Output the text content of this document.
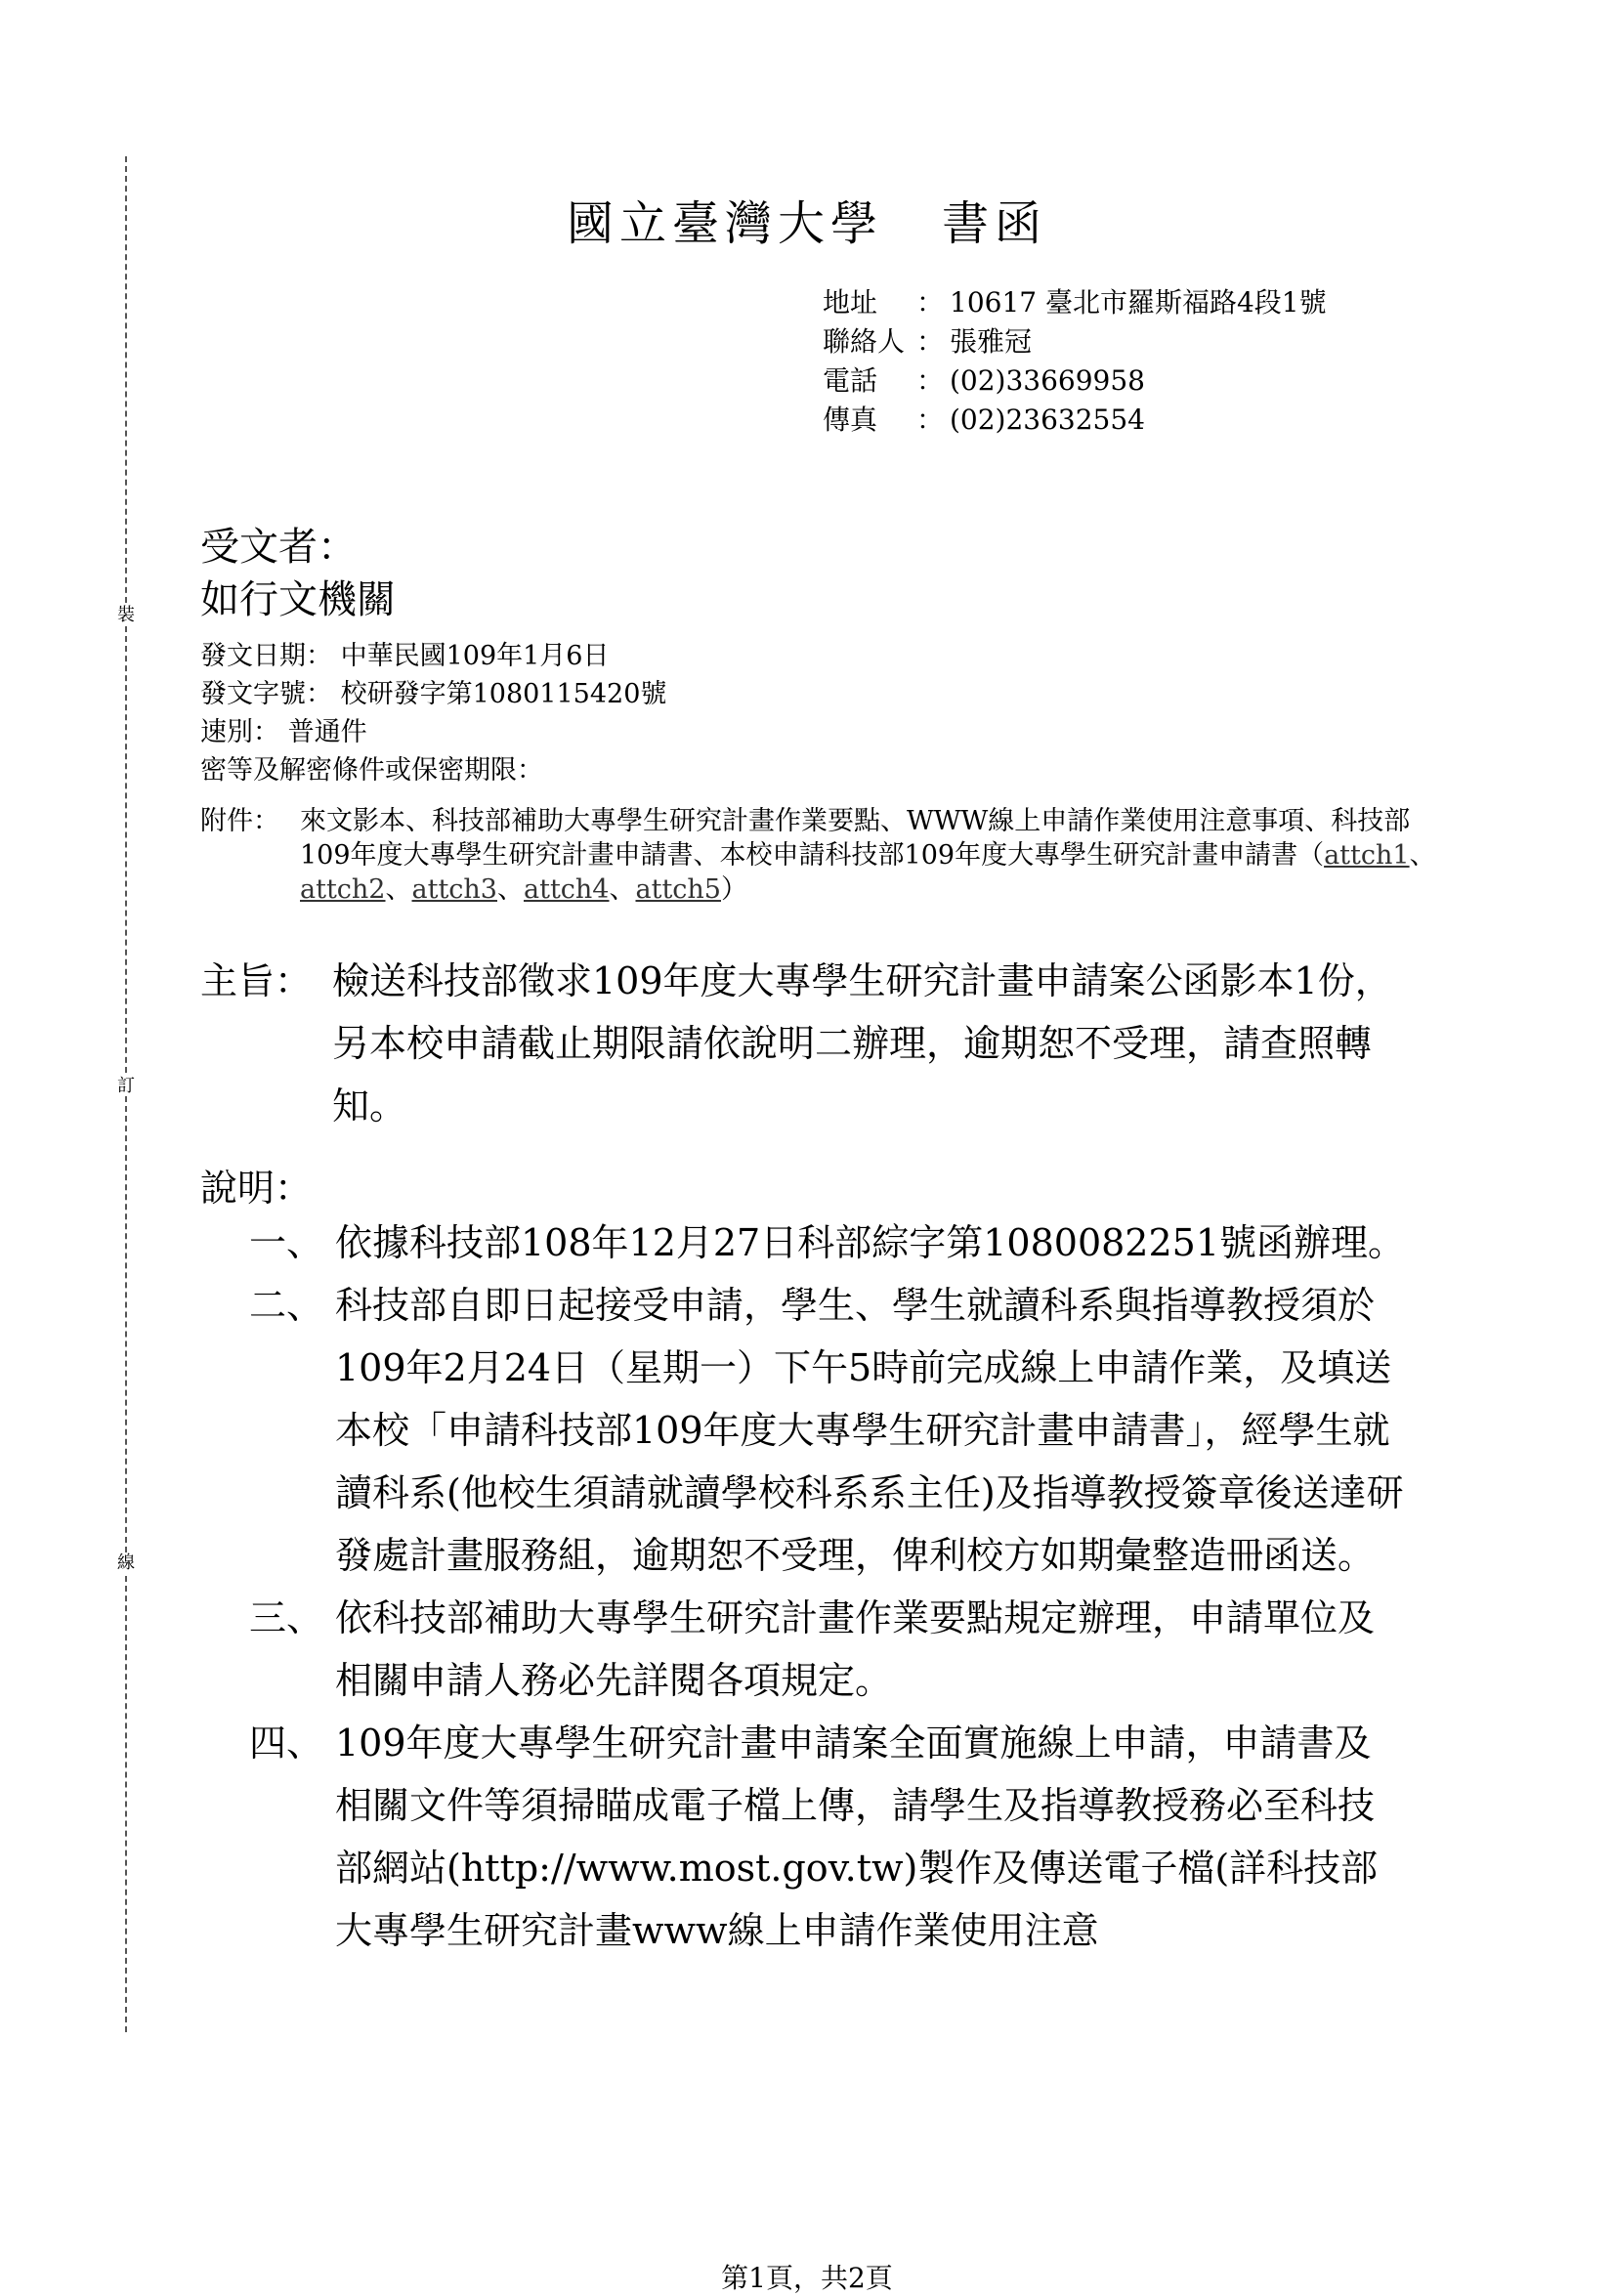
裝
訂
線
國立臺灣大學 書函
地址 ： 10617 臺北市羅斯福路4段1號
聯絡人 ： 張雅冠
電話 ： (02)33669958
傳真 ： (02)23632554
受文者：
如行文機關
發文日期： 中華民國109年1月6日
發文字號： 校研發字第1080115420號
速別： 普通件
密等及解密條件或保密期限：
附件： 來文影本、科技部補助大專學生研究計畫作業要點、WWW線上申請作業使用注意事項、科技部109年度大專學生研究計畫申請書、本校申請科技部109年度大專學生研究計畫申請書（attch1、attch2、attch3、attch4、attch5）
主旨： 檢送科技部徵求109年度大專學生研究計畫申請案公函影本1份，另本校申請截止期限請依說明二辦理，逾期恕不受理，請查照轉知。
說明：
一、 依據科技部108年12月27日科部綜字第1080082251號函辦理。
二、 科技部自即日起接受申請，學生、學生就讀科系與指導教授須於109年2月24日（星期一）下午5時前完成線上申請作業，及填送本校「申請科技部109年度大專學生研究計畫申請書」，經學生就讀科系(他校生須請就讀學校科系系主任)及指導教授簽章後送達研發處計畫服務組，逾期恕不受理，俾利校方如期彙整造冊函送。
三、 依科技部補助大專學生研究計畫作業要點規定辦理，申請單位及相關申請人務必先詳閱各項規定。
四、 109年度大專學生研究計畫申請案全面實施線上申請，申請書及相關文件等須掃瞄成電子檔上傳，請學生及指導教授務必至科技部網站(http://www.most.gov.tw)製作及傳送電子檔(詳科技部大專學生研究計畫www線上申請作業使用注意
第1頁，共2頁
